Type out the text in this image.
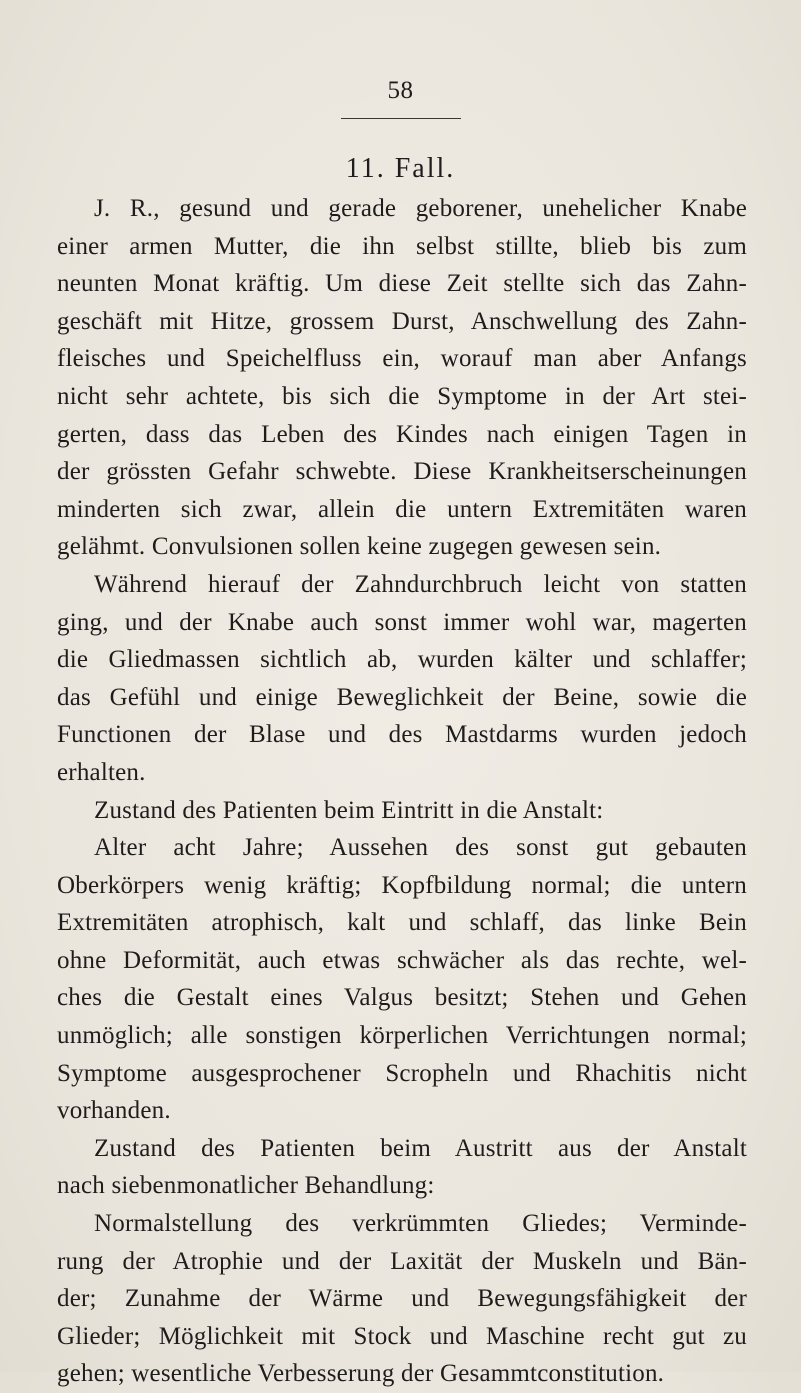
58
11. Fall.
J. R., gesund und gerade geborener, unehelicher Knabe
einer armen Mutter, die ihn selbst stillte, blieb bis zum
neunten Monat kräftig. Um diese Zeit stellte sich das Zahn-
geschäft mit Hitze, grossem Durst, Anschwellung des Zahn-
fleisches und Speichelfluss ein, worauf man aber Anfangs
nicht sehr achtete, bis sich die Symptome in der Art stei-
gerten, dass das Leben des Kindes nach einigen Tagen in
der grössten Gefahr schwebte. Diese Krankheitserscheinungen
minderten sich zwar, allein die untern Extremitäten waren
gelähmt. Convulsionen sollen keine zugegen gewesen sein.
Während hierauf der Zahndurchbruch leicht von statten
ging, und der Knabe auch sonst immer wohl war, magerten
die Gliedmassen sichtlich ab, wurden kälter und schlaffer;
das Gefühl und einige Beweglichkeit der Beine, sowie die
Functionen der Blase und des Mastdarms wurden jedoch
erhalten.
Zustand des Patienten beim Eintritt in die Anstalt:
Alter acht Jahre; Aussehen des sonst gut gebauten
Oberkörpers wenig kräftig; Kopfbildung normal; die untern
Extremitäten atrophisch, kalt und schlaff, das linke Bein
ohne Deformität, auch etwas schwächer als das rechte, wel-
ches die Gestalt eines Valgus besitzt; Stehen und Gehen
unmöglich; alle sonstigen körperlichen Verrichtungen normal;
Symptome ausgesprochener Scropheln und Rhachitis nicht
vorhanden.
Zustand des Patienten beim Austritt aus der Anstalt
nach siebenmonatlicher Behandlung:
Normalstellung des verkrümmten Gliedes; Verminde-
rung der Atrophie und der Laxität der Muskeln und Bän-
der; Zunahme der Wärme und Bewegungsfähigkeit der
Glieder; Möglichkeit mit Stock und Maschine recht gut zu
gehen; wesentliche Verbesserung der Gesammtconstitution.
